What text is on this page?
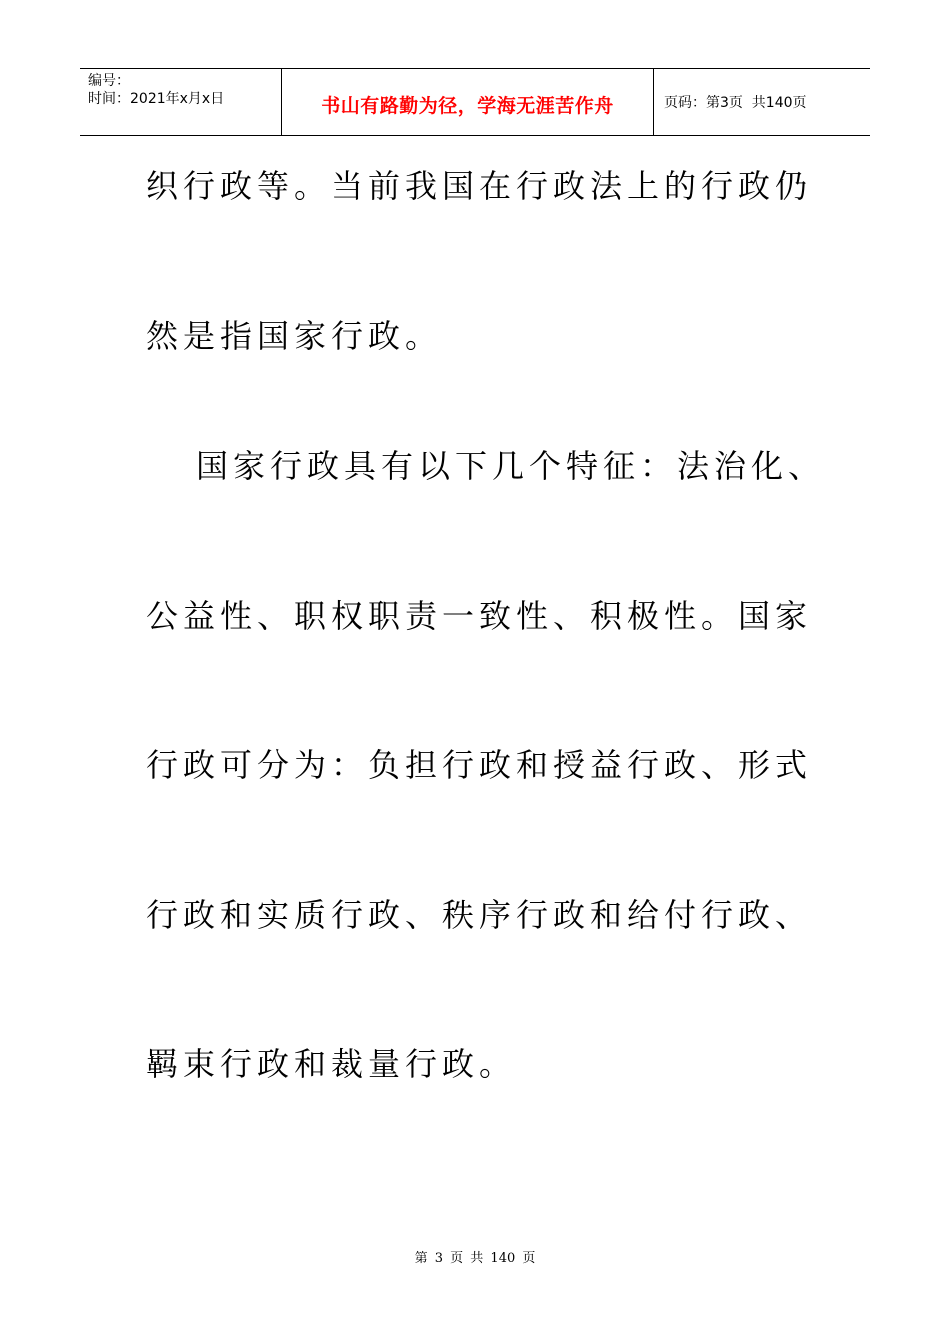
编号：
时间：2021年x月x日	书山有路勤为径，学海无涯苦作舟	页码：第3页  共140页
织行政等。当前我国在行政法上的行政仍
然是指国家行政。
国家行政具有以下几个特征：法治化、
公益性、职权职责一致性、积极性。国家
行政可分为：负担行政和授益行政、形式
行政和实质行政、秩序行政和给付行政、
羁束行政和裁量行政。
第 3 页 共 140 页
